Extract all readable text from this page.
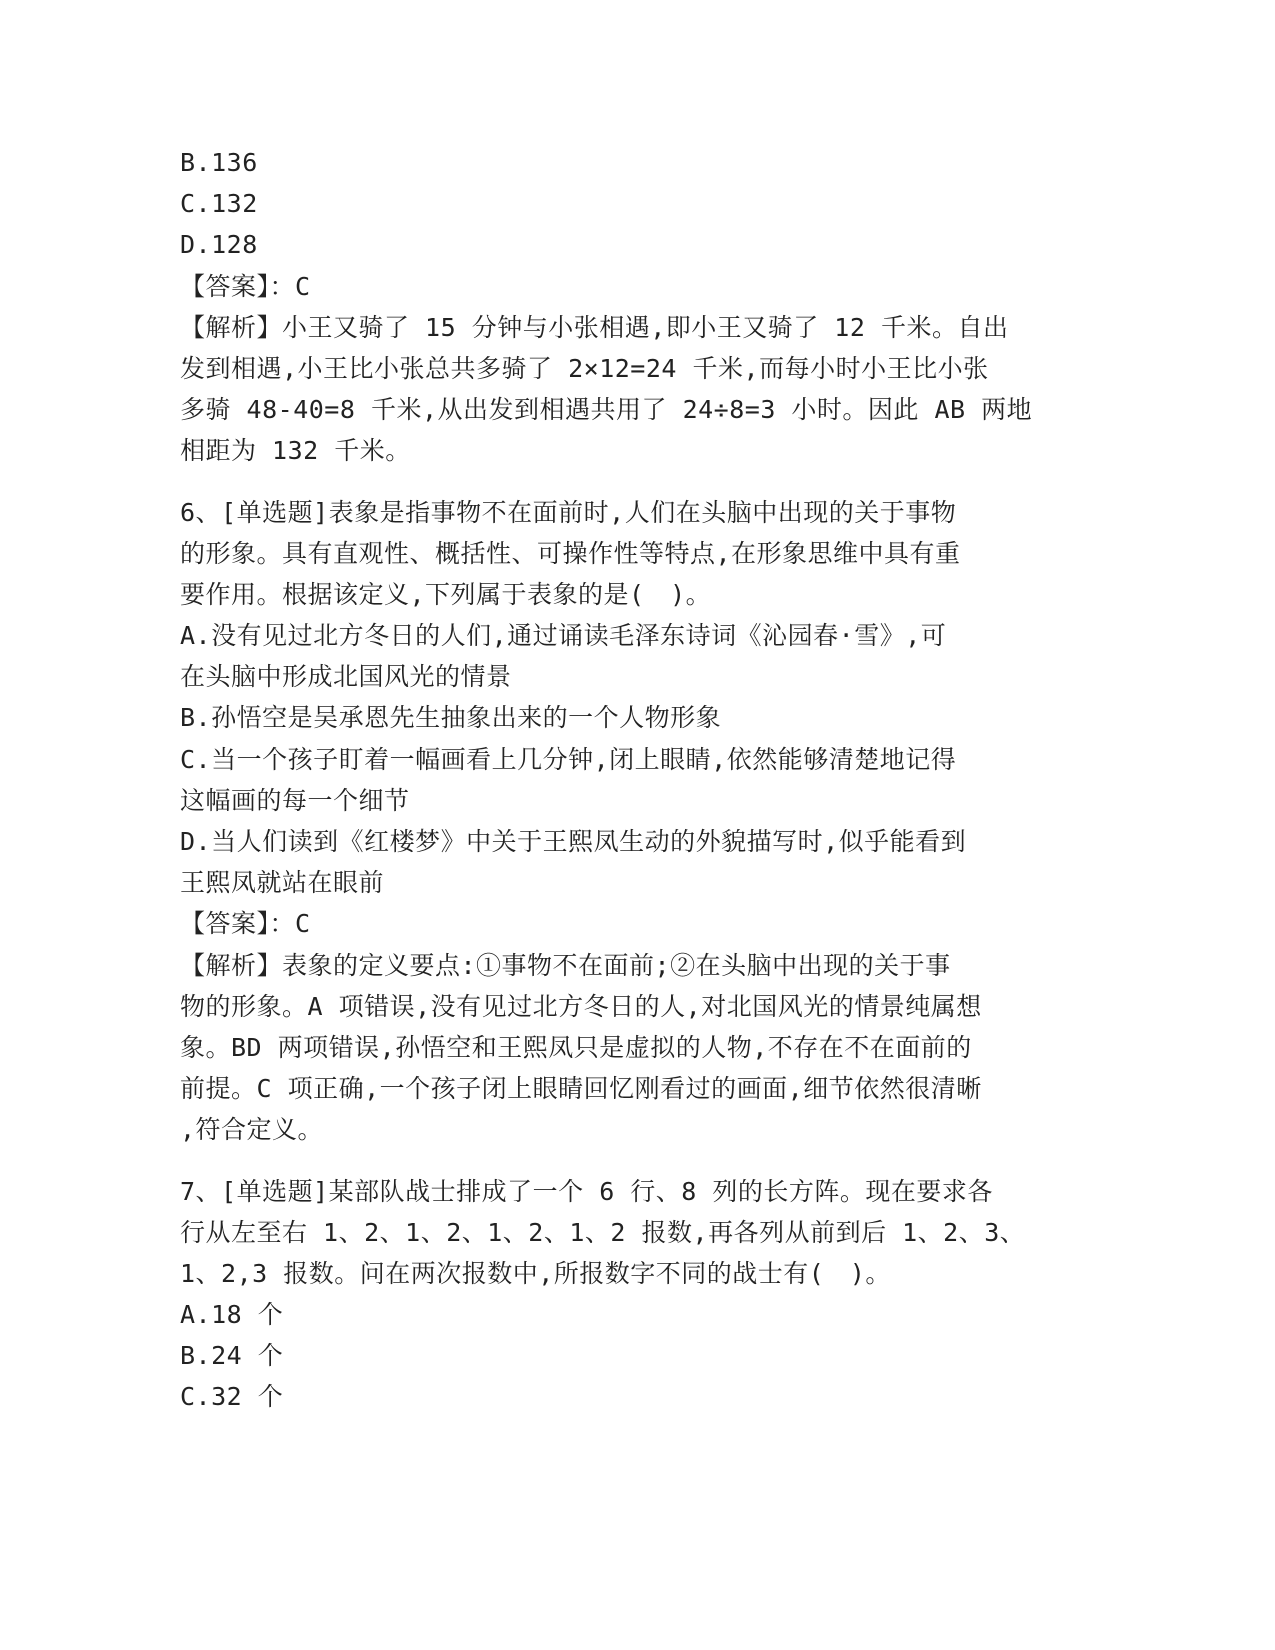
B.136
C.132
D.128
【答案】：C
【解析】小王又骑了 15 分钟与小张相遇,即小王又骑了 12 千米。自出
发到相遇,小王比小张总共多骑了 2×12=24 千米,而每小时小王比小张
多骑 48-40=8 千米,从出发到相遇共用了 24÷8=3 小时。因此 AB 两地
相距为 132 千米。
6、[单选题]表象是指事物不在面前时,人们在头脑中出现的关于事物
的形象。具有直观性、概括性、可操作性等特点,在形象思维中具有重
要作用。根据该定义,下列属于表象的是(　)。
A.没有见过北方冬日的人们,通过诵读毛泽东诗词《沁园春·雪》,可
在头脑中形成北国风光的情景
B.孙悟空是吴承恩先生抽象出来的一个人物形象
C.当一个孩子盯着一幅画看上几分钟,闭上眼睛,依然能够清楚地记得
这幅画的每一个细节
D.当人们读到《红楼梦》中关于王熙凤生动的外貌描写时,似乎能看到
王熙凤就站在眼前
【答案】：C
【解析】表象的定义要点:①事物不在面前;②在头脑中出现的关于事
物的形象。A 项错误,没有见过北方冬日的人,对北国风光的情景纯属想
象。BD 两项错误,孙悟空和王熙凤只是虚拟的人物,不存在不在面前的
前提。C 项正确,一个孩子闭上眼睛回忆刚看过的画面,细节依然很清晰
,符合定义。
7、[单选题]某部队战士排成了一个 6 行、8 列的长方阵。现在要求各
行从左至右 1、2、1、2、1、2、1、2 报数,再各列从前到后 1、2、3、
1、2,3 报数。问在两次报数中,所报数字不同的战士有(　)。
A.18 个
B.24 个
C.32 个
